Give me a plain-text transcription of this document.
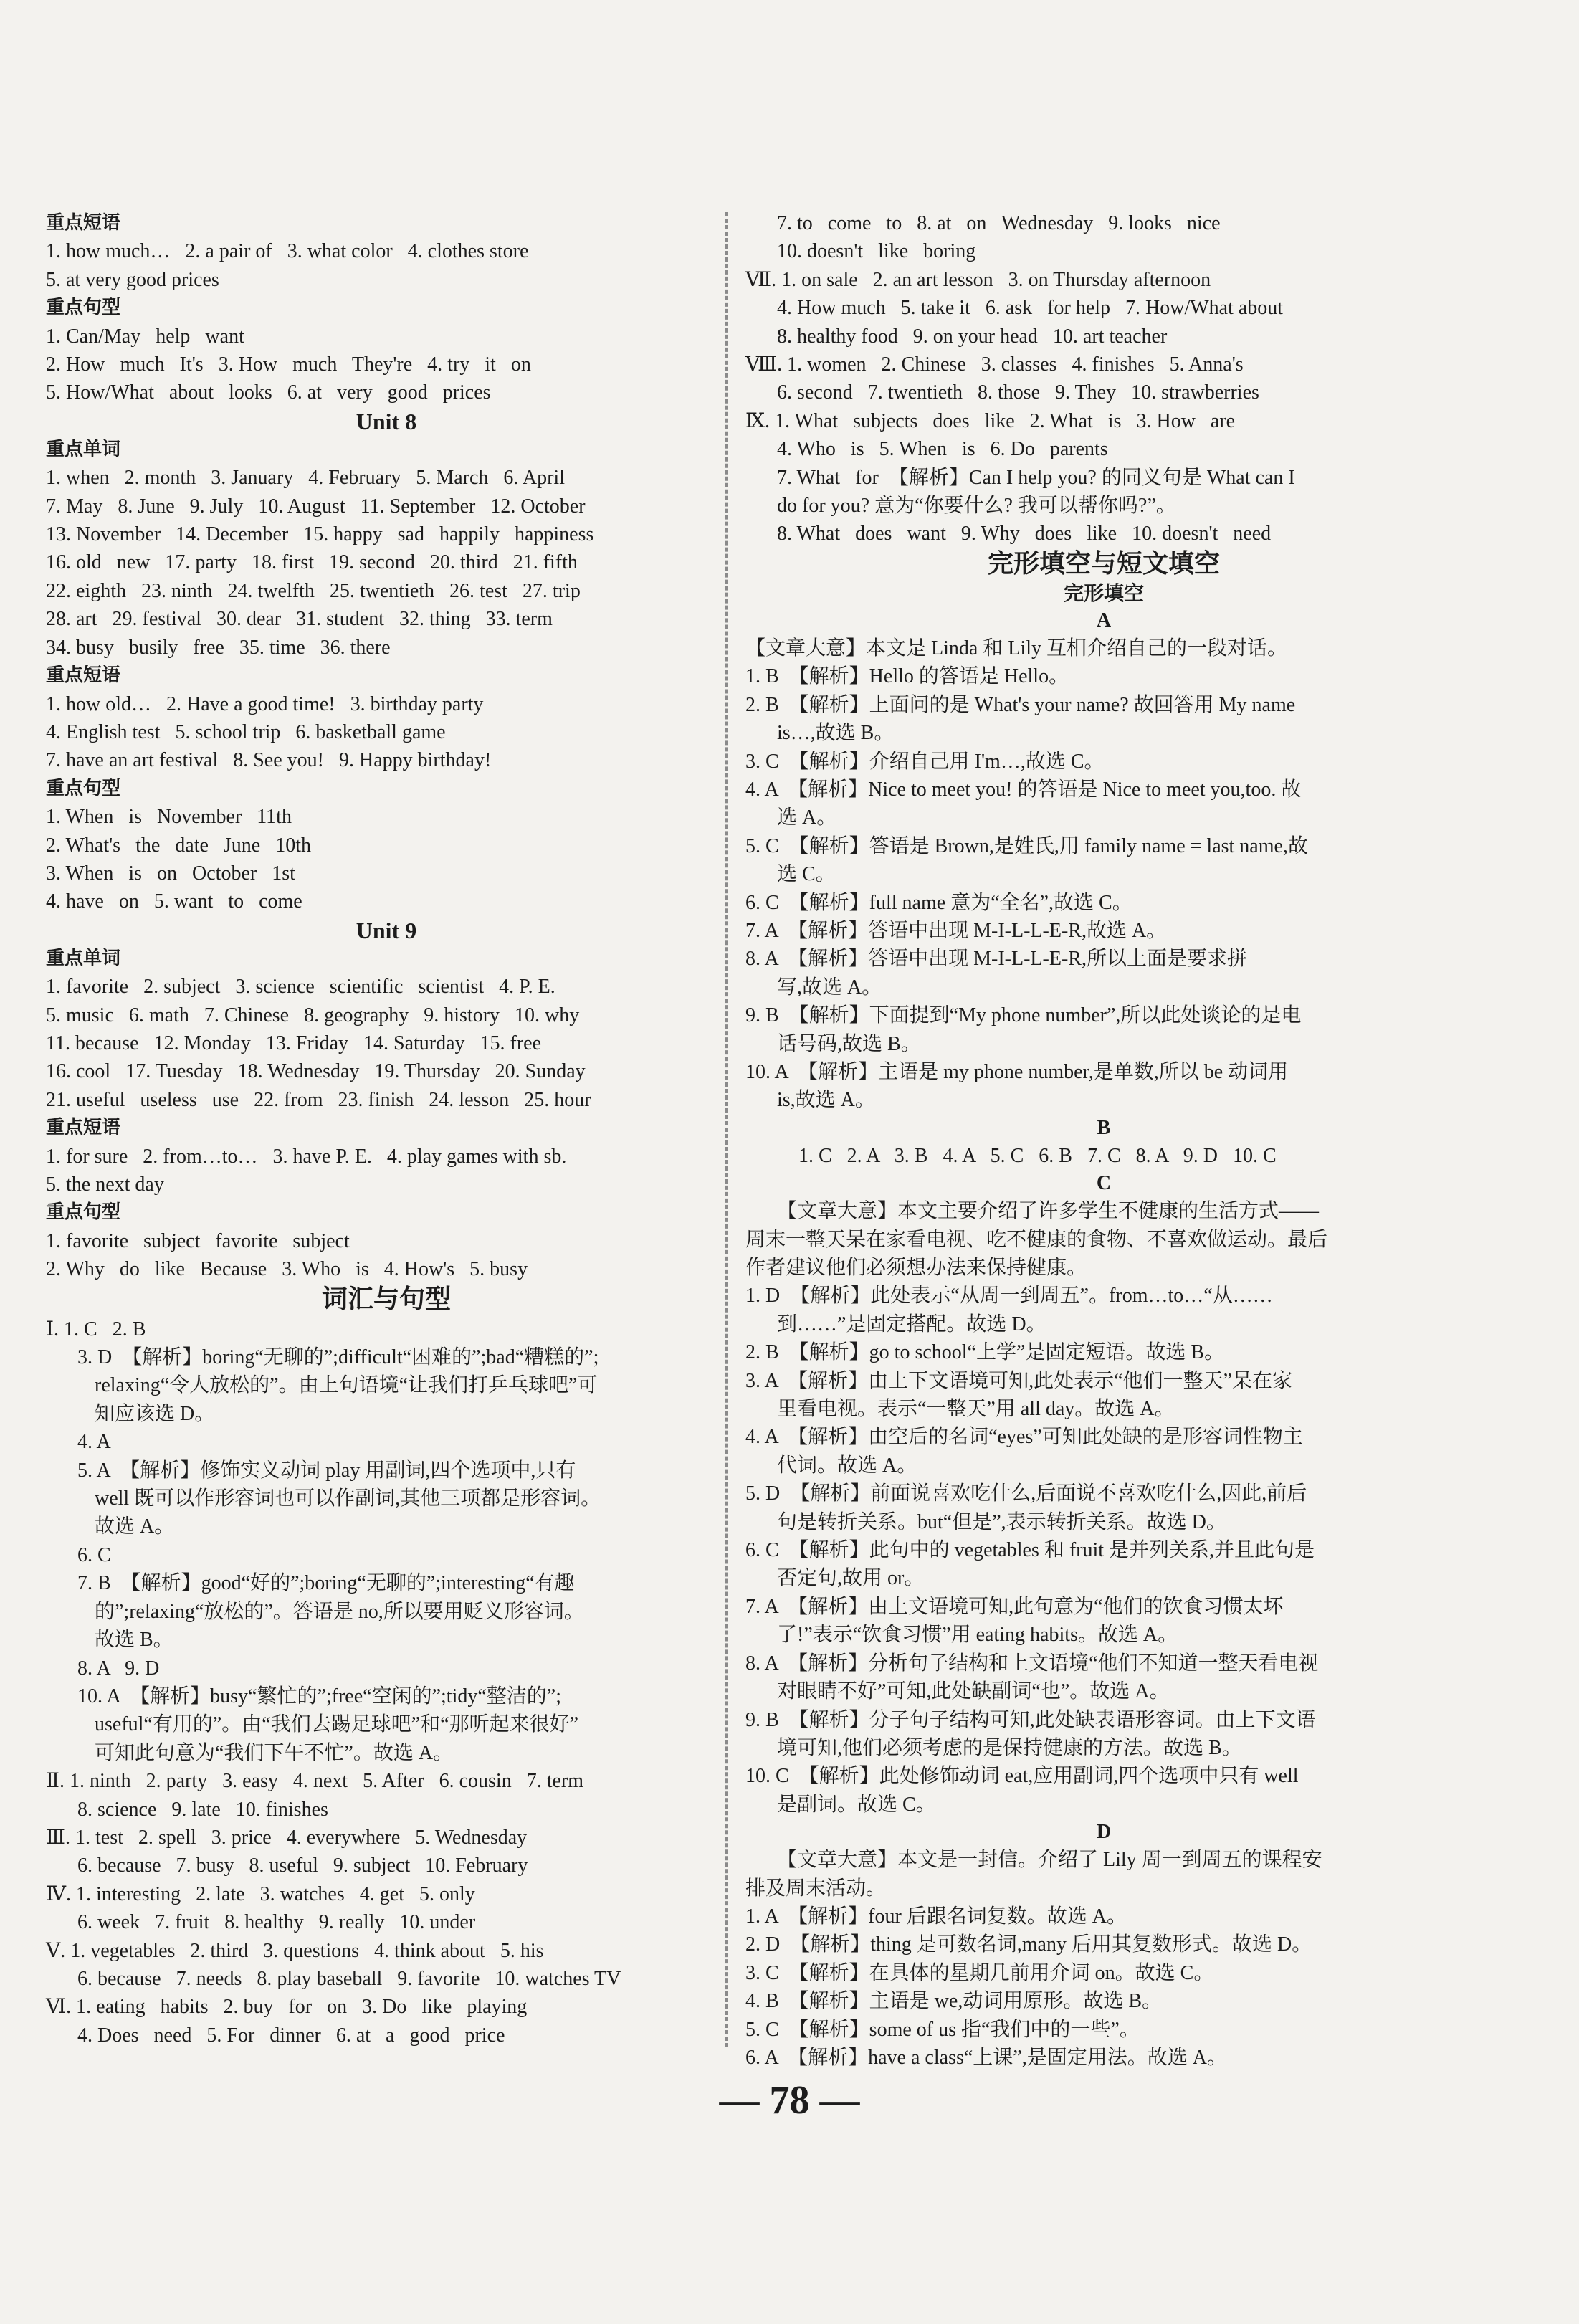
重点短语
1. how much…   2. a pair of   3. what color   4. clothes store
5. at very good prices
重点句型
1. Can/May   help   want
2. How   much   It's   3. How   much   They're   4. try   it   on
5. How/What   about   looks   6. at   very   good   prices
Unit 8
重点单词
1. when   2. month   3. January   4. February   5. March   6. April
7. May   8. June   9. July   10. August   11. September   12. October
13. November   14. December   15. happy   sad   happily   happiness
16. old   new   17. party   18. first   19. second   20. third   21. fifth
22. eighth   23. ninth   24. twelfth   25. twentieth   26. test   27. trip
28. art   29. festival   30. dear   31. student   32. thing   33. term
34. busy   busily   free   35. time   36. there
重点短语
1. how old…   2. Have a good time!   3. birthday party
4. English test   5. school trip   6. basketball game
7. have an art festival   8. See you!   9. Happy birthday!
重点句型
1. When   is   November   11th
2. What's   the   date   June   10th
3. When   is   on   October   1st
4. have   on   5. want   to   come
Unit 9
重点单词
1. favorite   2. subject   3. science   scientific   scientist   4. P. E.
5. music   6. math   7. Chinese   8. geography   9. history   10. why
11. because   12. Monday   13. Friday   14. Saturday   15. free
16. cool   17. Tuesday   18. Wednesday   19. Thursday   20. Sunday
21. useful   useless   use   22. from   23. finish   24. lesson   25. hour
重点短语
1. for sure   2. from…to…   3. have P. E.   4. play games with sb.
5. the next day
重点句型
1. favorite   subject   favorite   subject
2. Why   do   like   Because   3. Who   is   4. How's   5. busy
词汇与句型
Ⅰ. 1. C   2. B
3. D  【解析】boring“无聊的”;difficult“困难的”;bad“糟糕的”;
relaxing“令人放松的”。由上句语境“让我们打乒乓球吧”可
知应该选 D。
4. A
5. A  【解析】修饰实义动词 play 用副词,四个选项中,只有
well 既可以作形容词也可以作副词,其他三项都是形容词。
故选 A。
6. C
7. B  【解析】good“好的”;boring“无聊的”;interesting“有趣
的”;relaxing“放松的”。答语是 no,所以要用贬义形容词。
故选 B。
8. A   9. D
10. A  【解析】busy“繁忙的”;free“空闲的”;tidy“整洁的”;
useful“有用的”。由“我们去踢足球吧”和“那听起来很好”
可知此句意为“我们下午不忙”。故选 A。
Ⅱ. 1. ninth   2. party   3. easy   4. next   5. After   6. cousin   7. term
8. science   9. late   10. finishes
Ⅲ. 1. test   2. spell   3. price   4. everywhere   5. Wednesday
6. because   7. busy   8. useful   9. subject   10. February
Ⅳ. 1. interesting   2. late   3. watches   4. get   5. only
6. week   7. fruit   8. healthy   9. really   10. under
Ⅴ. 1. vegetables   2. third   3. questions   4. think about   5. his
6. because   7. needs   8. play baseball   9. favorite   10. watches TV
Ⅵ. 1. eating   habits   2. buy   for   on   3. Do   like   playing
4. Does   need   5. For   dinner   6. at   a   good   price
7. to   come   to   8. at   on   Wednesday   9. looks   nice
10. doesn't   like   boring
Ⅶ. 1. on sale   2. an art lesson   3. on Thursday afternoon
4. How much   5. take it   6. ask   for help   7. How/What about
8. healthy food   9. on your head   10. art teacher
Ⅷ. 1. women   2. Chinese   3. classes   4. finishes   5. Anna's
6. second   7. twentieth   8. those   9. They   10. strawberries
Ⅸ. 1. What   subjects   does   like   2. What   is   3. How   are
4. Who   is   5. When   is   6. Do   parents
7. What   for  【解析】Can I help you? 的同义句是 What can I
do for you? 意为“你要什么? 我可以帮你吗?”。
8. What   does   want   9. Why   does   like   10. doesn't   need
完形填空与短文填空
完形填空
A
【文章大意】本文是 Linda 和 Lily 互相介绍自己的一段对话。
1. B  【解析】Hello 的答语是 Hello。
2. B  【解析】上面问的是 What's your name? 故回答用 My name
is…,故选 B。
3. C  【解析】介绍自己用 I'm…,故选 C。
4. A  【解析】Nice to meet you! 的答语是 Nice to meet you,too. 故
选 A。
5. C  【解析】答语是 Brown,是姓氏,用 family name = last name,故
选 C。
6. C  【解析】full name 意为“全名”,故选 C。
7. A  【解析】答语中出现 M-I-L-L-E-R,故选 A。
8. A  【解析】答语中出现 M-I-L-L-E-R,所以上面是要求拼
写,故选 A。
9. B  【解析】下面提到“My phone number”,所以此处谈论的是电
话号码,故选 B。
10. A  【解析】主语是 my phone number,是单数,所以 be 动词用
is,故选 A。
B
1. C   2. A   3. B   4. A   5. C   6. B   7. C   8. A   9. D   10. C
C
【文章大意】本文主要介绍了许多学生不健康的生活方式——
周末一整天呆在家看电视、吃不健康的食物、不喜欢做运动。最后
作者建议他们必须想办法来保持健康。
1. D  【解析】此处表示“从周一到周五”。from…to…“从……
到……”是固定搭配。故选 D。
2. B  【解析】go to school“上学”是固定短语。故选 B。
3. A  【解析】由上下文语境可知,此处表示“他们一整天”呆在家
里看电视。表示“一整天”用 all day。故选 A。
4. A  【解析】由空后的名词“eyes”可知此处缺的是形容词性物主
代词。故选 A。
5. D  【解析】前面说喜欢吃什么,后面说不喜欢吃什么,因此,前后
句是转折关系。but“但是”,表示转折关系。故选 D。
6. C  【解析】此句中的 vegetables 和 fruit 是并列关系,并且此句是
否定句,故用 or。
7. A  【解析】由上文语境可知,此句意为“他们的饮食习惯太坏
了!”表示“饮食习惯”用 eating habits。故选 A。
8. A  【解析】分析句子结构和上文语境“他们不知道一整天看电视
对眼睛不好”可知,此处缺副词“也”。故选 A。
9. B  【解析】分子句子结构可知,此处缺表语形容词。由上下文语
境可知,他们必须考虑的是保持健康的方法。故选 B。
10. C  【解析】此处修饰动词 eat,应用副词,四个选项中只有 well
是副词。故选 C。
D
【文章大意】本文是一封信。介绍了 Lily 周一到周五的课程安
排及周末活动。
1. A  【解析】four 后跟名词复数。故选 A。
2. D  【解析】thing 是可数名词,many 后用其复数形式。故选 D。
3. C  【解析】在具体的星期几前用介词 on。故选 C。
4. B  【解析】主语是 we,动词用原形。故选 B。
5. C  【解析】some of us 指“我们中的一些”。
6. A  【解析】have a class“上课”,是固定用法。故选 A。
— 78 —
